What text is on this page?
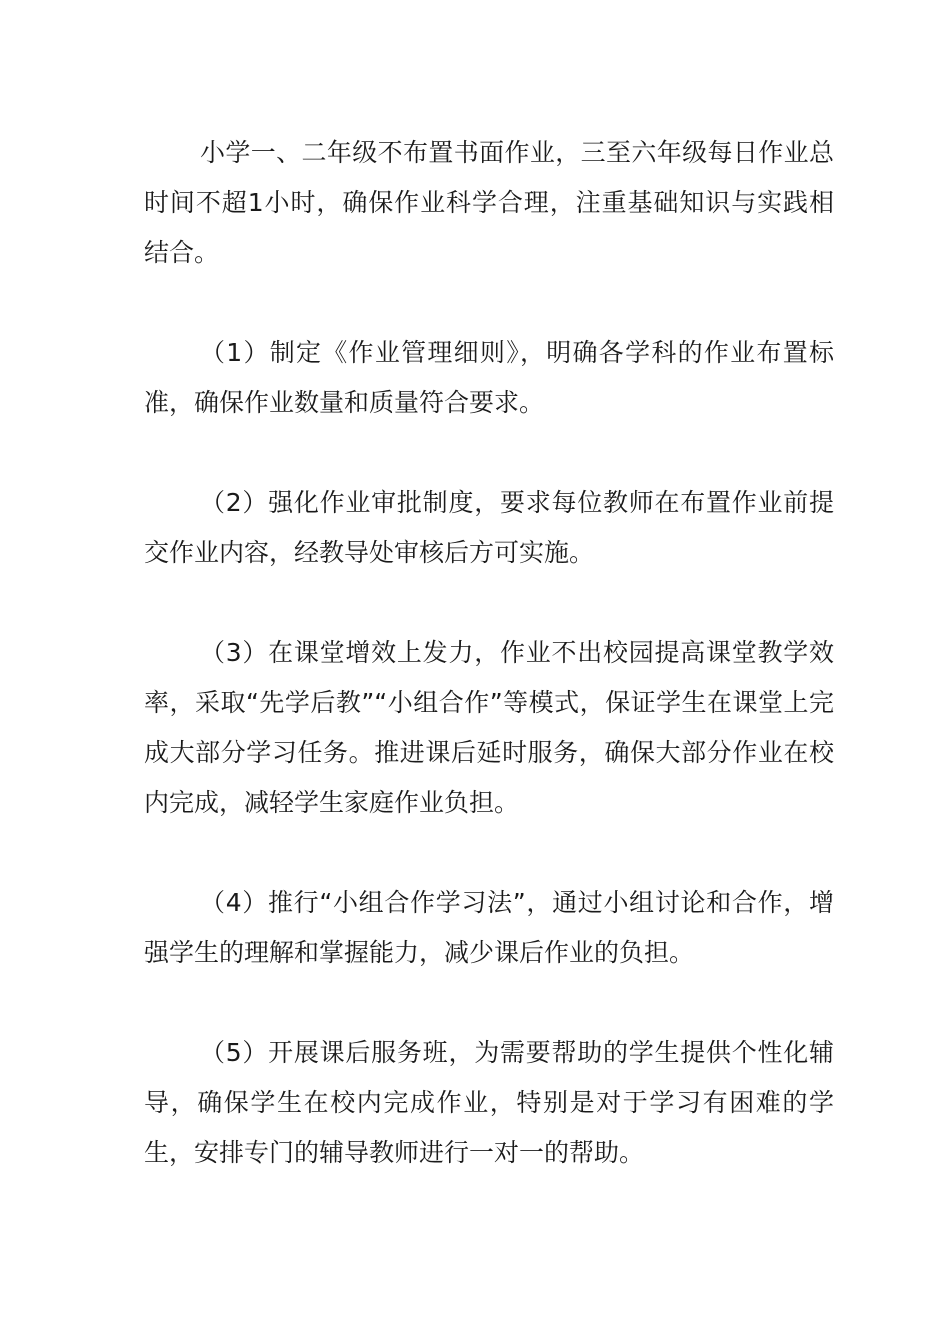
小学一、二年级不布置书面作业，三至六年级每日作业总时间不超1小时，确保作业科学合理，注重基础知识与实践相结合。

（1）制定《作业管理细则》，明确各学科的作业布置标准，确保作业数量和质量符合要求。

（2）强化作业审批制度，要求每位教师在布置作业前提交作业内容，经教导处审核后方可实施。

（3）在课堂增效上发力，作业不出校园提高课堂教学效率，采取“先学后教”“小组合作”等模式，保证学生在课堂上完成大部分学习任务。推进课后延时服务，确保大部分作业在校内完成，减轻学生家庭作业负担。

（4）推行“小组合作学习法”，通过小组讨论和合作，增强学生的理解和掌握能力，减少课后作业的负担。

（5）开展课后服务班，为需要帮助的学生提供个性化辅导，确保学生在校内完成作业，特别是对于学习有困难的学生，安排专门的辅导教师进行一对一的帮助。
